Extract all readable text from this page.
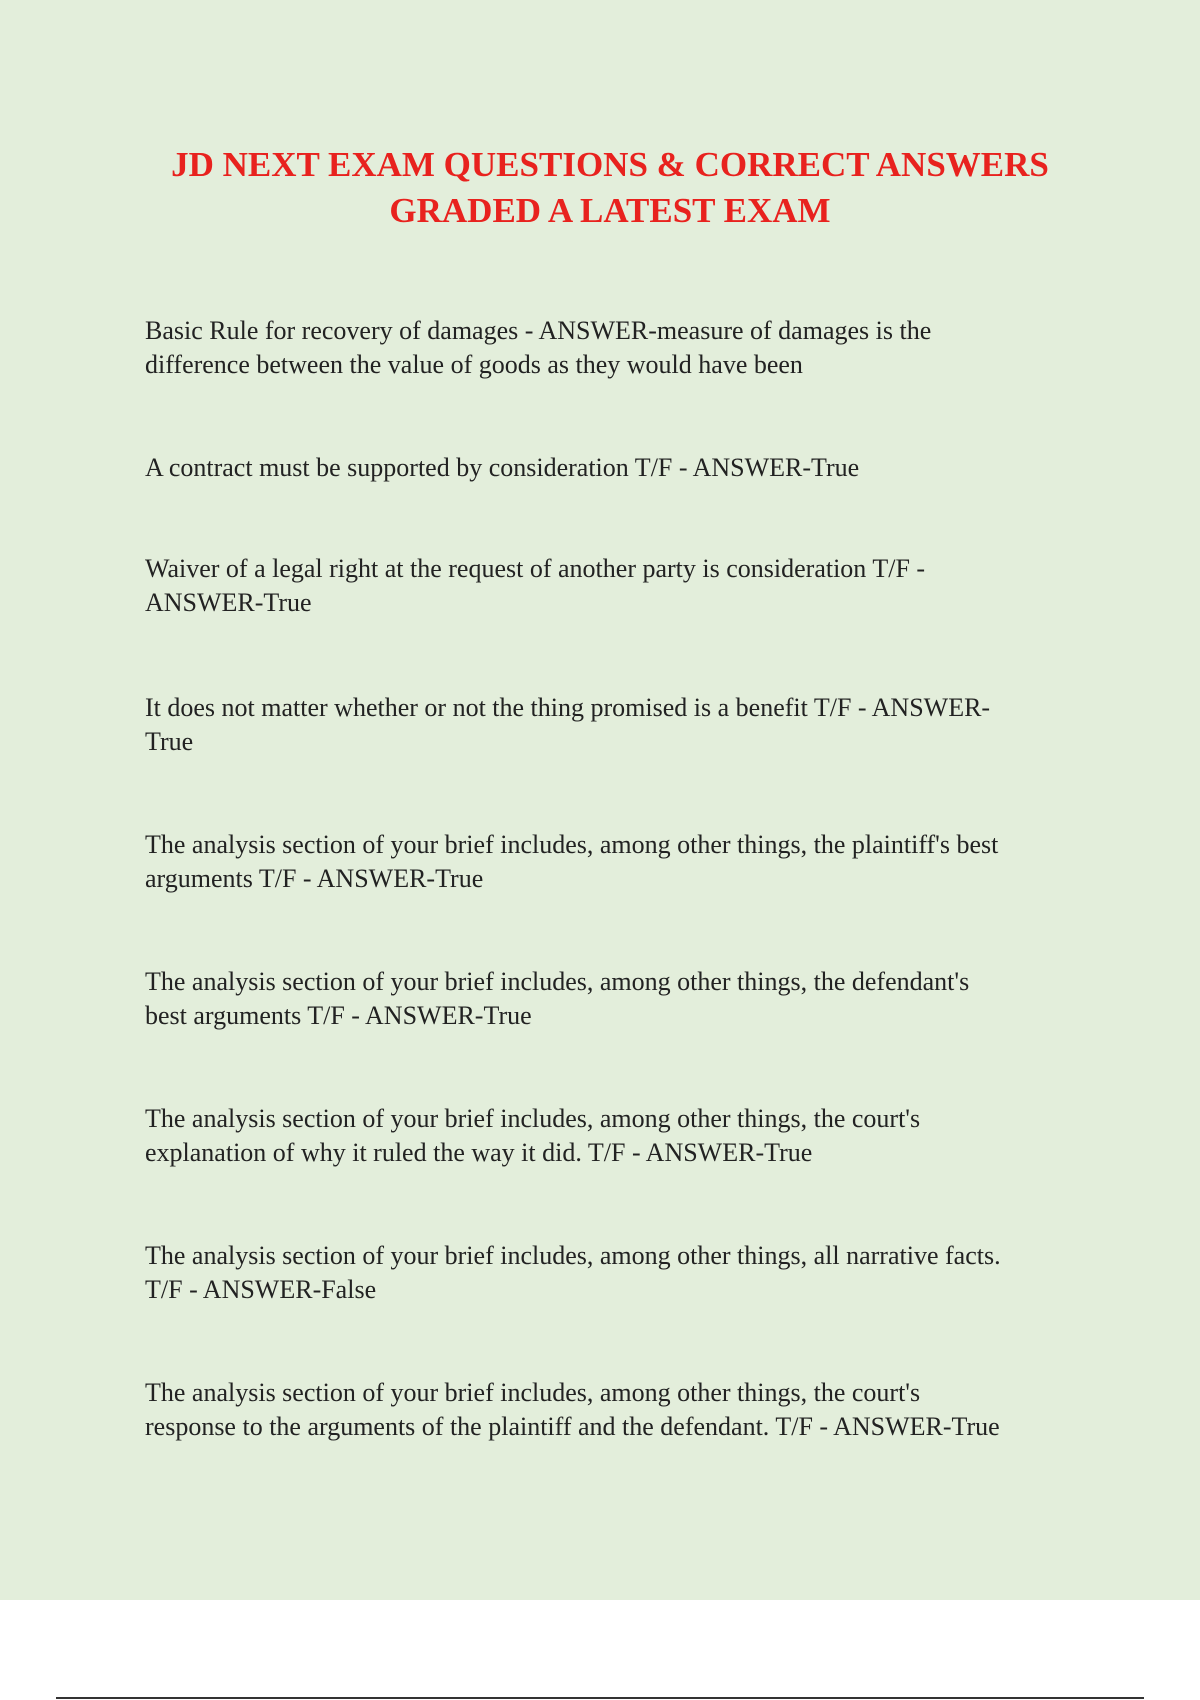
JD NEXT EXAM QUESTIONS & CORRECT ANSWERS
GRADED A LATEST EXAM
Basic Rule for recovery of damages - ANSWER-measure of damages is the
difference between the value of goods as they would have been
A contract must be supported by consideration T/F - ANSWER-True
Waiver of a legal right at the request of another party is consideration T/F -
ANSWER-True
It does not matter whether or not the thing promised is a benefit T/F - ANSWER-
True
The analysis section of your brief includes, among other things, the plaintiff's best
arguments T/F - ANSWER-True
The analysis section of your brief includes, among other things, the defendant's
best arguments T/F - ANSWER-True
The analysis section of your brief includes, among other things, the court's
explanation of why it ruled the way it did. T/F - ANSWER-True
The analysis section of your brief includes, among other things, all narrative facts.
T/F - ANSWER-False
The analysis section of your brief includes, among other things, the court's
response to the arguments of the plaintiff and the defendant. T/F - ANSWER-True
